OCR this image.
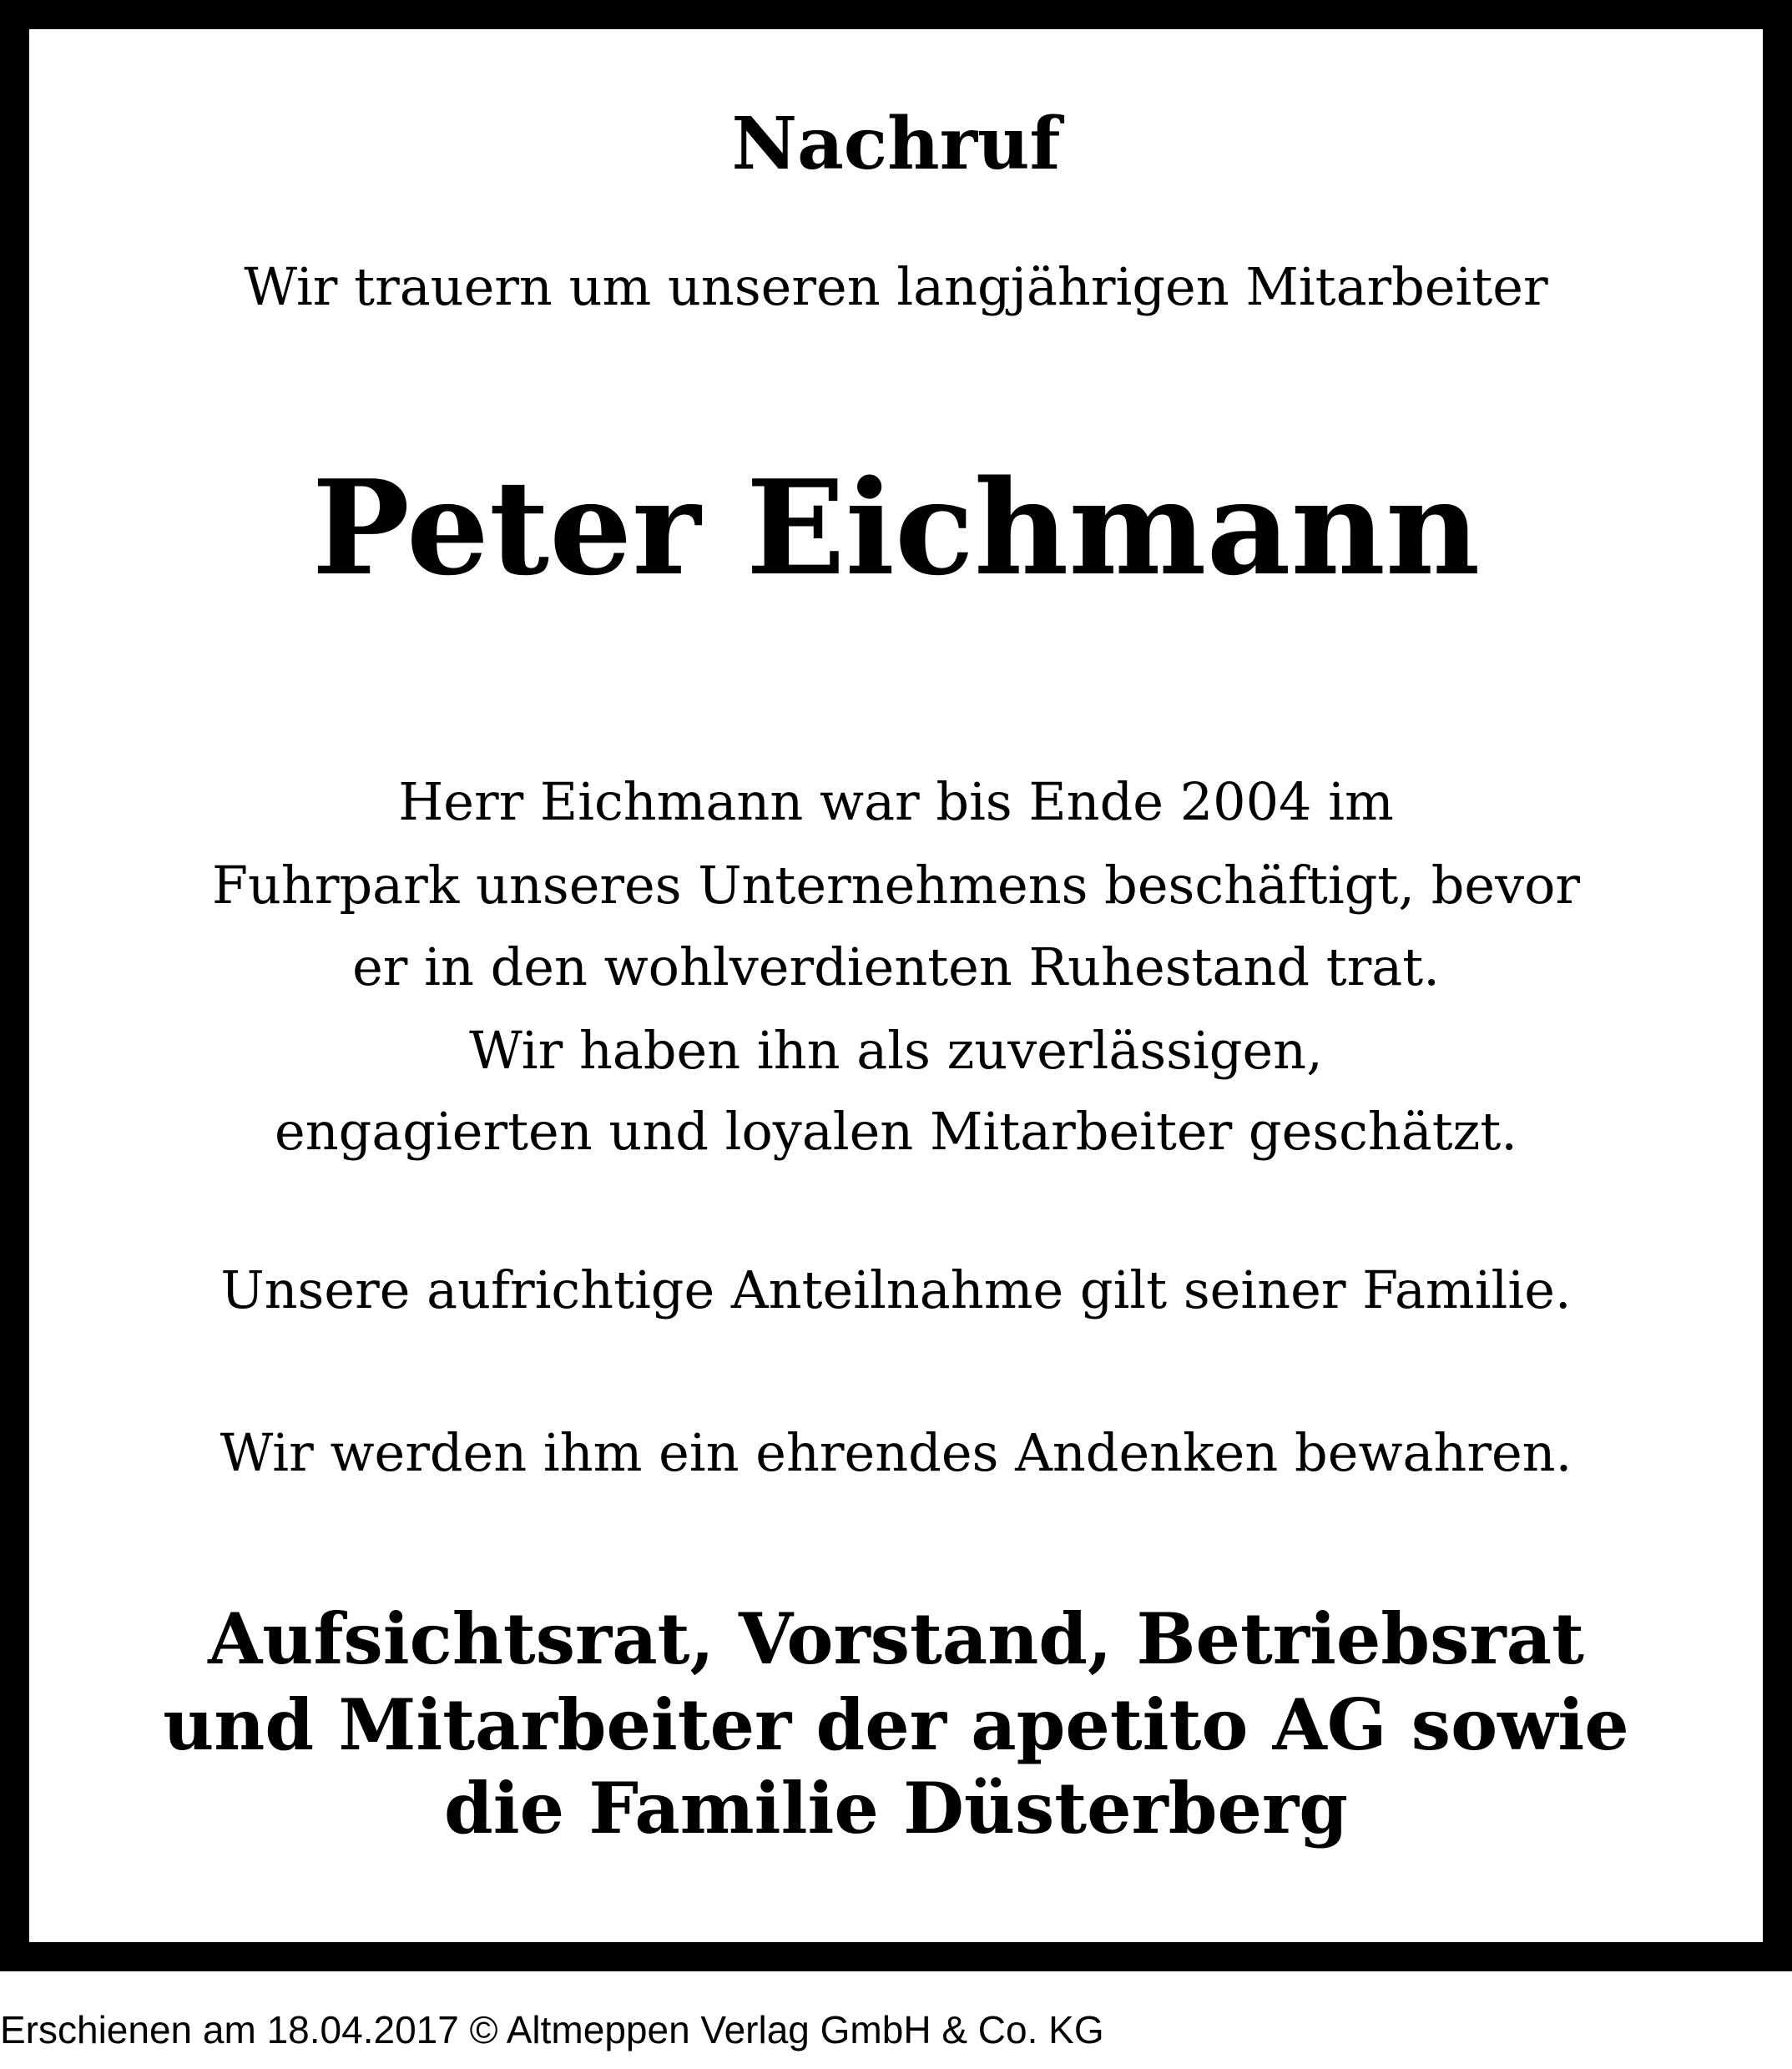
Nachruf
Wir trauern um unseren langjährigen Mitarbeiter
Peter Eichmann
Herr Eichmann war bis Ende 2004 im
Fuhrpark unseres Unternehmens beschäftigt, bevor
er in den wohlverdienten Ruhestand trat.
Wir haben ihn als zuverlässigen,
engagierten und loyalen Mitarbeiter geschätzt.
Unsere aufrichtige Anteilnahme gilt seiner Familie.
Wir werden ihm ein ehrendes Andenken bewahren.
Aufsichtsrat, Vorstand, Betriebsrat
und Mitarbeiter der apetito AG sowie
die Familie Düsterberg
Erschienen am 18.04.2017 © Altmeppen Verlag GmbH & Co. KG
